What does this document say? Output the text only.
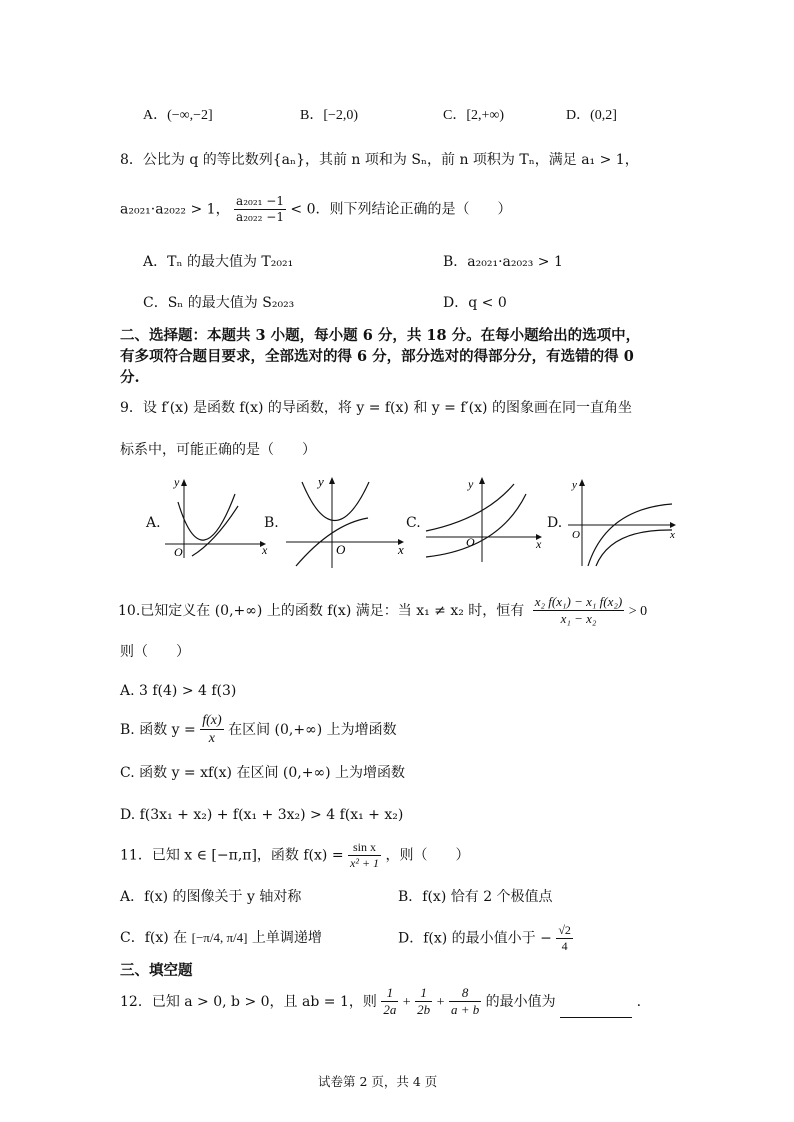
A．(−∞,−2]	B．[−2,0)	C．[2,+∞)	D．(0,2]
8．公比为 q 的等比数列{aₙ}，其前 n 项和为 Sₙ，前 n 项积为 Tₙ，满足 a₁ > 1，
a₂₀₂₁·a₂₀₂₂ > 1， $\frac{\text{a₂₀₂₁ −1}}{\text{a₂₀₂₂ −1}} < 0$．则下列结论正确的是（　　）
A．Tₙ 的最大值为 T₂₀₂₁	B．a₂₀₂₁·a₂₀₂₃ > 1
C．Sₙ 的最大值为 S₂₀₂₃	D．q < 0
二、选择题：本题共 3 小题，每小题 6 分，共 18 分。在每小题给出的选项中，
有多项符合题目要求，全部选对的得 6 分，部分选对的得部分分，有选错的得 0
分.
9．设 f′(x) 是函数 f(x) 的导函数，将 y = f(x) 和 y = f′(x) 的图象画在同一直角坐
标系中，可能正确的是（　　）
A.
y
x
O
B.
y
x
O
C.
y
x
O
D.
y
x
O
10.已知定义在 (0,+∞) 上的函数 f(x) 满足：当 x₁ ≠ x₂ 时，恒有 $\frac{\text{x₂ f(x₁) − x₁ f(x₂)}}{\text{x₁ − x₂}} > 0$
则（　　）
A. 3 f(4) > 4 f(3)
B. 函数 $y = \frac{f(x)}{x}$ 在区间 (0,+∞) 上为增函数
C. 函数 y = xf(x) 在区间 (0,+∞) 上为增函数
D. f(3x₁ + x₂) + f(x₁ + 3x₂) > 4 f(x₁ + x₂)
11．已知 x ∈ [−π,π]，函数 $f(x) = \frac{\text{sin x}}{\text{x² + 1}}$ ，则（　　）
A．f(x) 的图像关于 y 轴对称	B．f(x) 恰有 2 个极值点
C．f(x) 在 [−π/4, π/4] 上单调递增	D．f(x) 的最小值小于 − $\frac{√2}{4}$
三、填空题
12．已知 a > 0, b > 0，且 ab = 1，则 $\frac{1}{2a} + \frac{1}{2b} + \frac{8}{a + b}$ 的最小值为	.
试卷第 2 页，共 4 页
